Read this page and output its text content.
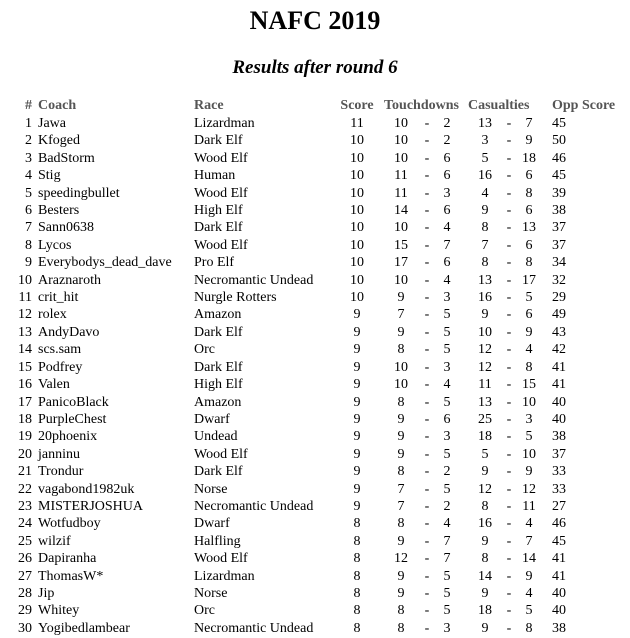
NAFC 2019
Results after round 6
#	Coach	Race	Score	Touchdowns				Casualties			Opp Score
1	Jawa	Lizardman	11	10	-	2		13	-	7	45
2	Kfoged	Dark Elf	10	10	-	2		3	-	9	50
3	BadStorm	Wood Elf	10	10	-	6		5	-	18	46
4	Stig	Human	10	11	-	6		16	-	6	45
5	speedingbullet	Wood Elf	10	11	-	3		4	-	8	39
6	Besters	High Elf	10	14	-	6		9	-	6	38
7	Sann0638	Dark Elf	10	10	-	4		8	-	13	37
8	Lycos	Wood Elf	10	15	-	7		7	-	6	37
9	Everybodys_dead_dave	Pro Elf	10	17	-	6		8	-	8	34
10	Araznaroth	Necromantic Undead	10	10	-	4		13	-	17	32
11	crit_hit	Nurgle Rotters	10	9	-	3		16	-	5	29
12	rolex	Amazon	9	7	-	5		9	-	6	49
13	AndyDavo	Dark Elf	9	9	-	5		10	-	9	43
14	scs.sam	Orc	9	8	-	5		12	-	4	42
15	Podfrey	Dark Elf	9	10	-	3		12	-	8	41
16	Valen	High Elf	9	10	-	4		11	-	15	41
17	PanicoBlack	Amazon	9	8	-	5		13	-	10	40
18	PurpleChest	Dwarf	9	9	-	6		25	-	3	40
19	20phoenix	Undead	9	9	-	3		18	-	5	38
20	janninu	Wood Elf	9	9	-	5		5	-	10	37
21	Trondur	Dark Elf	9	8	-	2		9	-	9	33
22	vagabond1982uk	Norse	9	7	-	5		12	-	12	33
23	MISTERJOSHUA	Necromantic Undead	9	7	-	2		8	-	11	27
24	Wotfudboy	Dwarf	8	8	-	4		16	-	4	46
25	wilzif	Halfling	8	9	-	7		9	-	7	45
26	Dapiranha	Wood Elf	8	12	-	7		8	-	14	41
27	ThomasW*	Lizardman	8	9	-	5		14	-	9	41
28	Jip	Norse	8	9	-	5		9	-	4	40
29	Whitey	Orc	8	8	-	5		18	-	5	40
30	Yogibedlambear	Necromantic Undead	8	8	-	3		9	-	8	38
